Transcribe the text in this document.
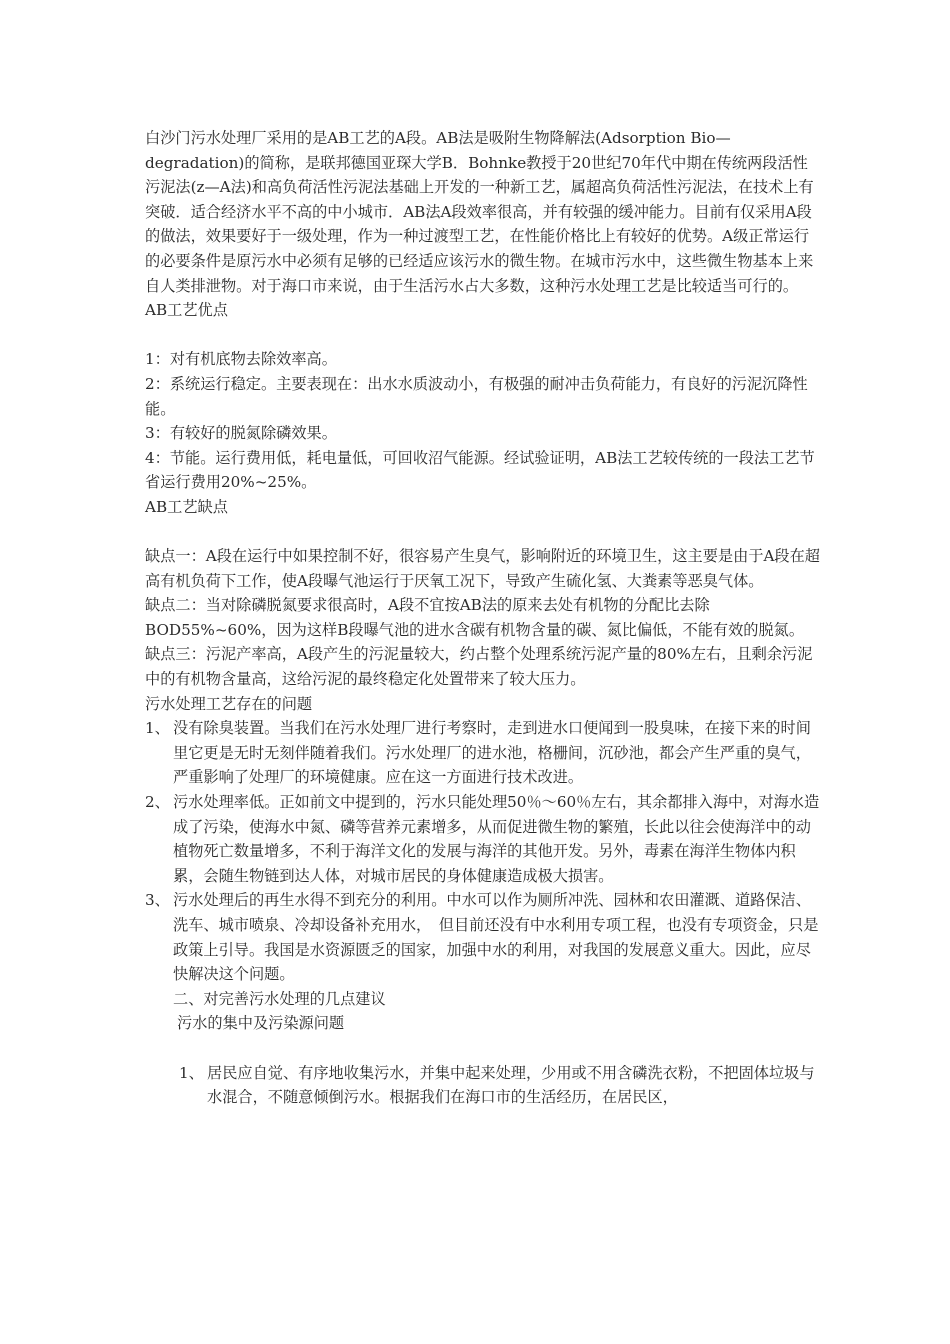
白沙门污水处理厂采用的是AB工艺的A段。AB法是吸附生物降解法(Adsorption Bio—degradation)的简称，是联邦德国亚琛大学B．Bohnke教授于20世纪70年代中期在传统两段活性污泥法(z—A法)和高负荷活性污泥法基础上开发的一种新工艺，属超高负荷活性污泥法，在技术上有突破．适合经济水平不高的中小城市．AB法A段效率很高，并有较强的缓冲能力。目前有仅采用A段的做法，效果要好于一级处理，作为一种过渡型工艺，在性能价格比上有较好的优势。A级正常运行的必要条件是原污水中必须有足够的已经适应该污水的微生物。在城市污水中，这些微生物基本上来自人类排泄物。对于海口市来说，由于生活污水占大多数，这种污水处理工艺是比较适当可行的。

AB工艺优点

1：对有机底物去除效率高。

2：系统运行稳定。主要表现在：出水水质波动小，有极强的耐冲击负荷能力，有良好的污泥沉降性能。

3：有较好的脱氮除磷效果。

4：节能。运行费用低，耗电量低，可回收沼气能源。经试验证明，AB法工艺较传统的一段法工艺节省运行费用20%~25%。

AB工艺缺点

缺点一：A段在运行中如果控制不好，很容易产生臭气，影响附近的环境卫生，这主要是由于A段在超高有机负荷下工作，使A段曝气池运行于厌氧工况下，导致产生硫化氢、大粪素等恶臭气体。

缺点二：当对除磷脱氮要求很高时，A段不宜按AB法的原来去处有机物的分配比去除BOD55%~60%，因为这样B段曝气池的进水含碳有机物含量的碳、氮比偏低，不能有效的脱氮。

缺点三：污泥产率高，A段产生的污泥量较大，约占整个处理系统污泥产量的80%左右，且剩余污泥中的有机物含量高，这给污泥的最终稳定化处置带来了较大压力。

污水处理工艺存在的问题

1、 没有除臭装置。当我们在污水处理厂进行考察时，走到进水口便闻到一股臭味，在接下来的时间里它更是无时无刻伴随着我们。污水处理厂的进水池，格栅间，沉砂池，都会产生严重的臭气，严重影响了处理厂的环境健康。应在这一方面进行技术改进。
2、 污水处理率低。正如前文中提到的，污水只能处理50％～60％左右，其余都排入海中，对海水造成了污染，使海水中氮、磷等营养元素增多，从而促进微生物的繁殖，长此以往会使海洋中的动植物死亡数量增多，不利于海洋文化的发展与海洋的其他开发。另外，毒素在海洋生物体内积累，会随生物链到达人体，对城市居民的身体健康造成极大损害。
3、 污水处理后的再生水得不到充分的利用。中水可以作为厕所冲洗、园林和农田灌溉、道路保洁、洗车、城市喷泉、冷却设备补充用水，　但目前还没有中水利用专项工程，也没有专项资金，只是政策上引导。我国是水资源匮乏的国家，加强中水的利用，对我国的发展意义重大。因此，应尽快解决这个问题。

二、对完善污水处理的几点建议

污水的集中及污染源问题

1、 居民应自觉、有序地收集污水，并集中起来处理，少用或不用含磷洗衣粉，不把固体垃圾与水混合，不随意倾倒污水。根据我们在海口市的生活经历，在居民区，
